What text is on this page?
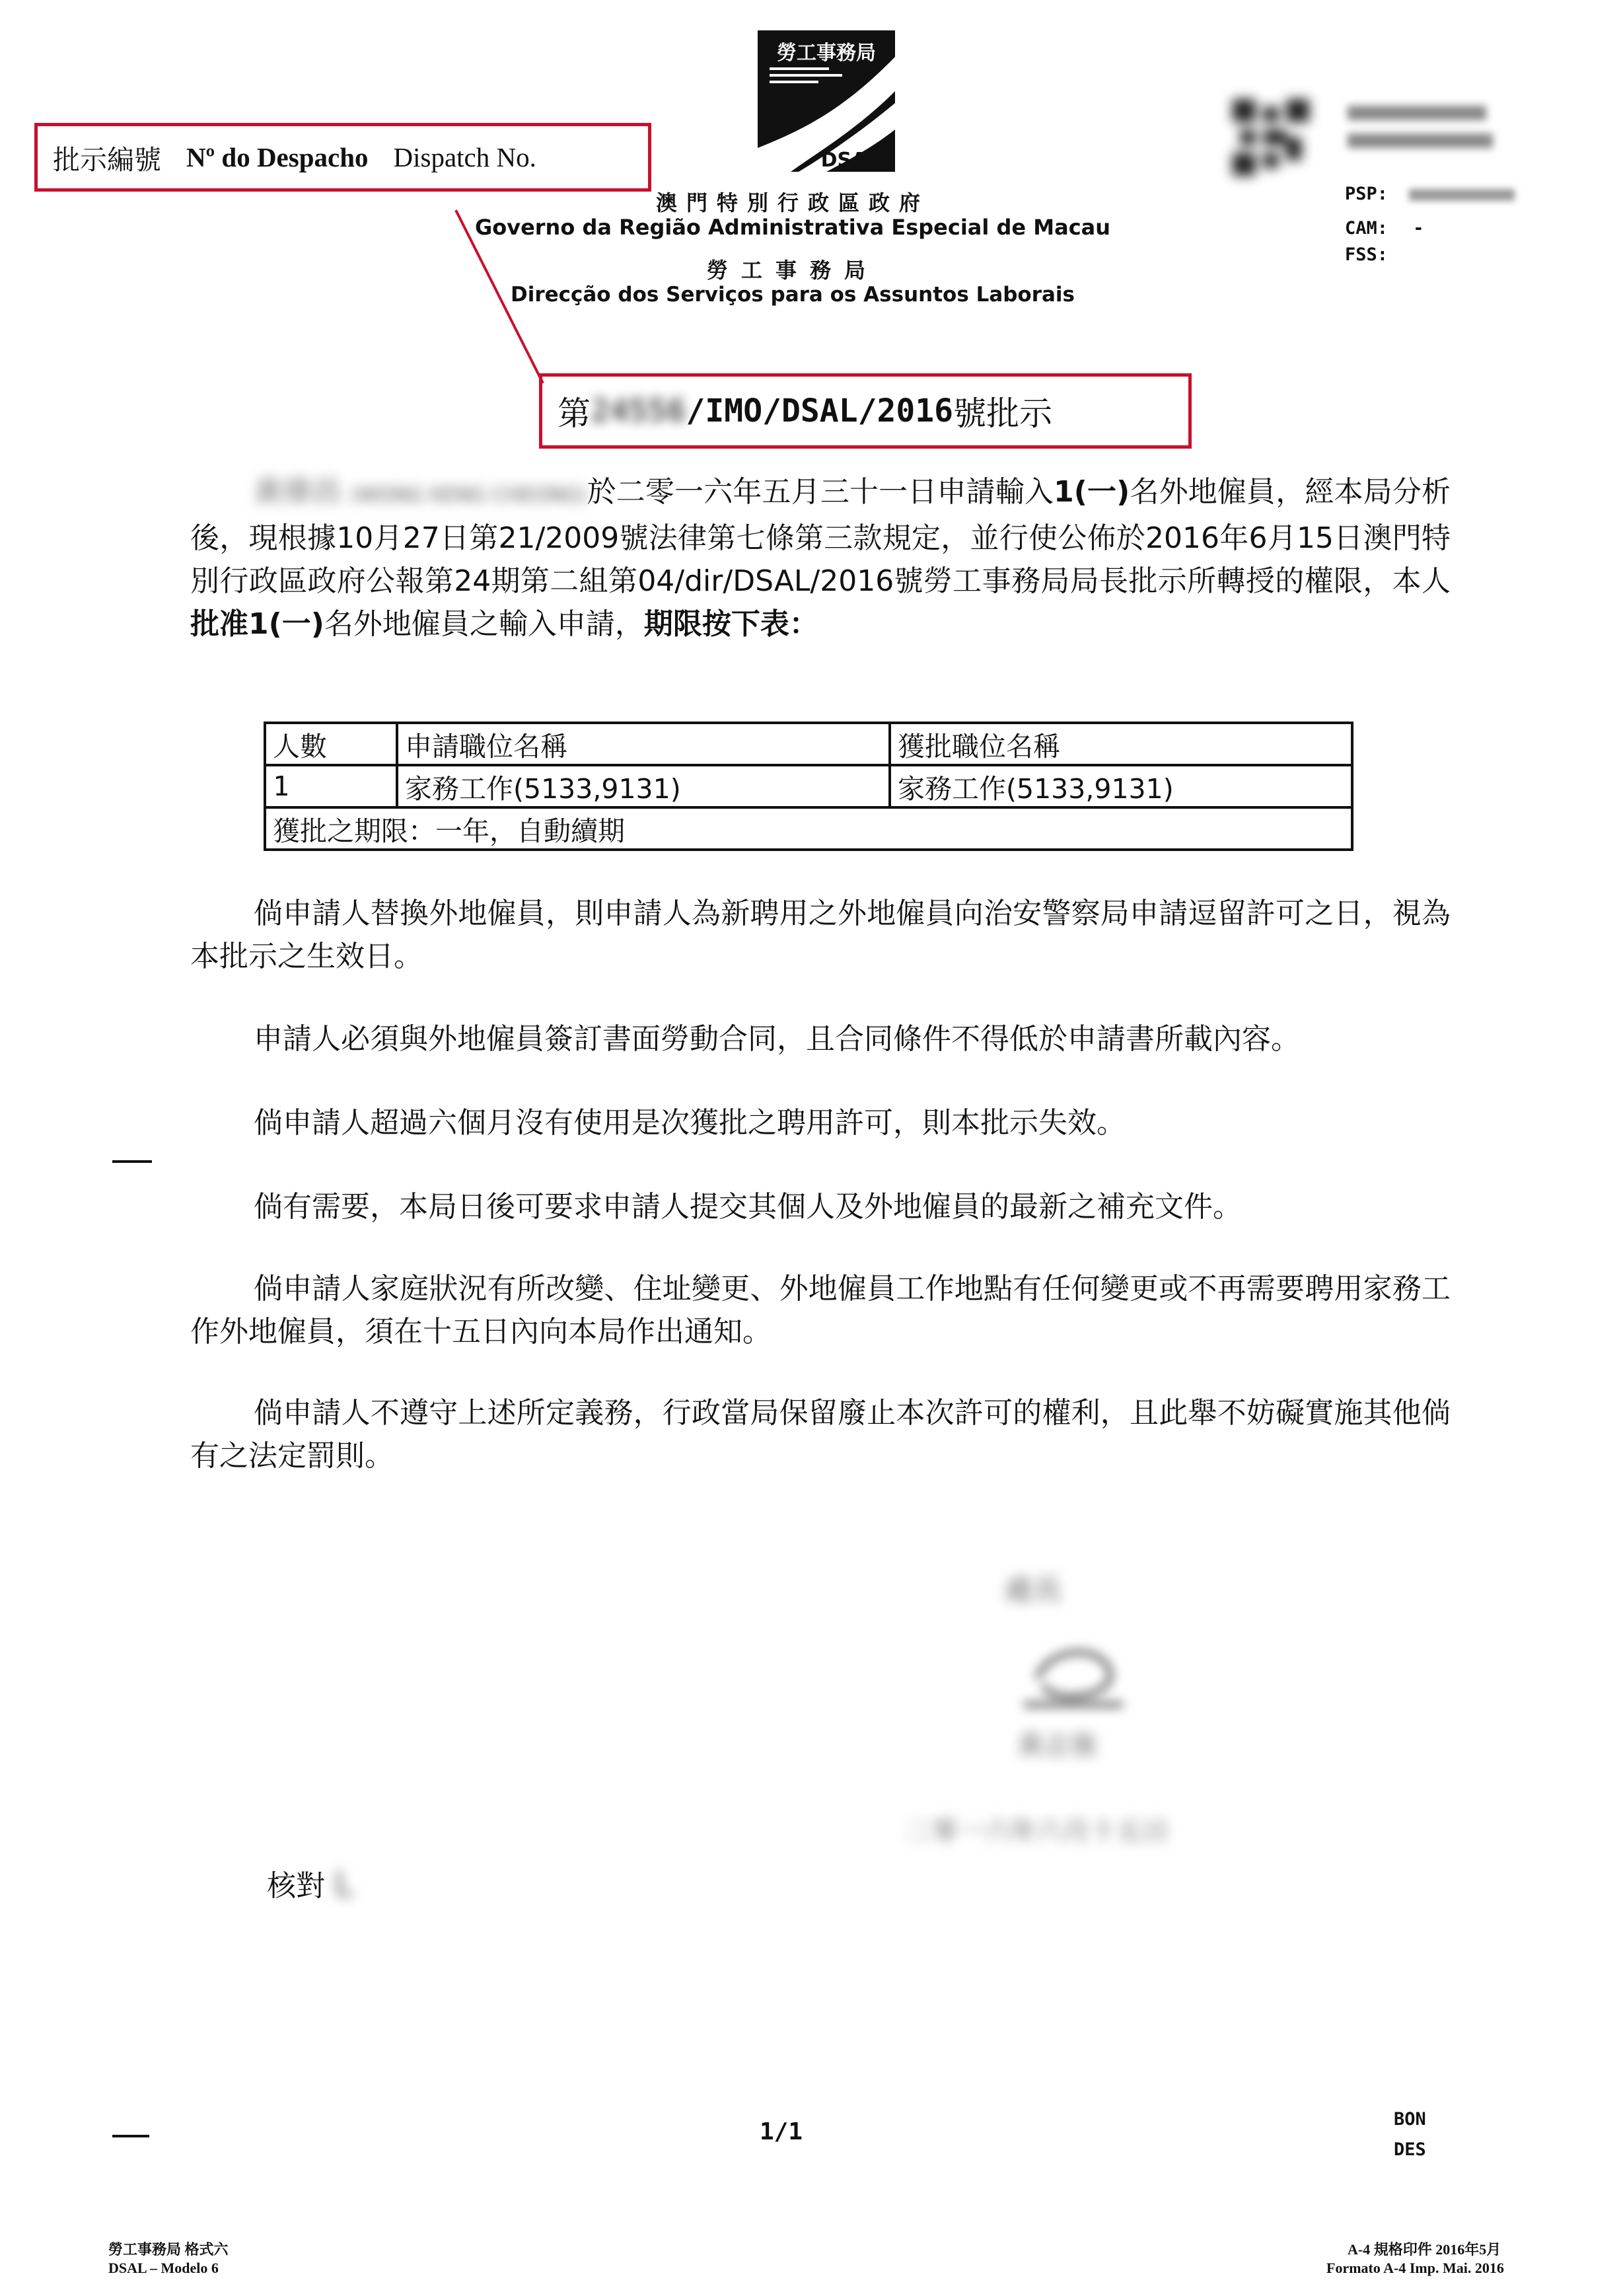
批示編號 Nº do Despacho Dispatch No.
勞工事務局
DSAL
澳門特別行政區政府
Governo da Região Administrativa Especial de Macau
勞工事務局
Direcção dos Serviços para os Assuntos Laborais
PSP:
CAM: -
FSS:
第 24556 /IMO/DSAL/2016 號批示

黃偉昌 (WONG KENG CHEONG)於二零一六年五月三十一日申請輸入1(一)名外地僱員，經本局分析後，現根據10月27日第21/2009號法律第七條第三款規定，並行使公佈於2016年6月15日澳門特別行政區政府公報第24期第二組第04/dir/DSAL/2016號勞工事務局局長批示所轉授的權限，本人批准1(一)名外地僱員之輸入申請，期限按下表：

人數	申請職位名稱	獲批職位名稱
1	家務工作(5133,9131)	家務工作(5133,9131)
獲批之期限：一年，自動續期		

倘申請人替換外地僱員，則申請人為新聘用之外地僱員向治安警察局申請逗留許可之日，視為本批示之生效日。

申請人必須與外地僱員簽訂書面勞動合同，且合同條件不得低於申請書所載內容。

倘申請人超過六個月沒有使用是次獲批之聘用許可，則本批示失效。

倘有需要，本局日後可要求申請人提交其個人及外地僱員的最新之補充文件。

倘申請人家庭狀況有所改變、住址變更、外地僱員工作地點有任何變更或不再需要聘用家務工作外地僱員，須在十五日內向本局作出通知。

倘申請人不遵守上述所定義務，行政當局保留廢止本次許可的權利，且此舉不妨礙實施其他倘有之法定罰則。

處長
黃志強
二零一六年六月十五日
核對 L
1/1	BON
DES
勞工事務局 格式六
DSAL – Modelo 6
A-4 規格印件 2016年5月
Formato A-4 Imp. Mai. 2016
